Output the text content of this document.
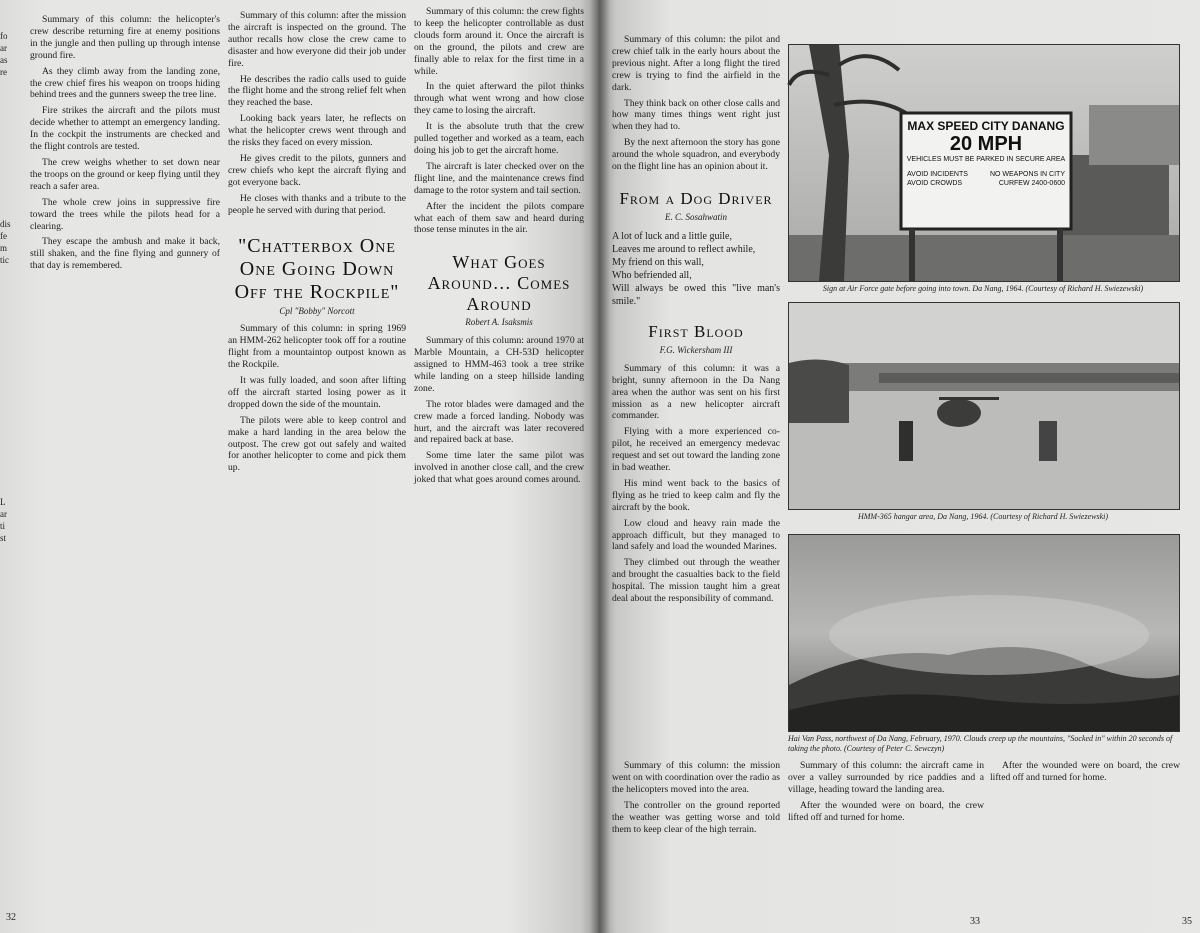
fo
ar
as
re
dis
fe
m
tic
L
ar
ti
st

Summary of this column: the helicopter's crew describe returning fire at enemy positions in the jungle and then pulling up through intense ground fire.

As they climb away from the landing zone, the crew chief fires his weapon on troops hiding behind trees and the gunners sweep the tree line.

Fire strikes the aircraft and the pilots must decide whether to attempt an emergency landing. In the cockpit the instruments are checked and the flight controls are tested.

The crew weighs whether to set down near the troops on the ground or keep flying until they reach a safer area.

The whole crew joins in suppressive fire toward the trees while the pilots head for a clearing.

They escape the ambush and make it back, still shaken, and the fine flying and gunnery of that day is remembered.

Summary of this column: after the mission the aircraft is inspected on the ground. The author recalls how close the crew came to disaster and how everyone did their job under fire.

He describes the radio calls used to guide the flight home and the strong relief felt when they reached the base.

Looking back years later, he reflects on what the helicopter crews went through and the risks they faced on every mission.

He gives credit to the pilots, gunners and crew chiefs who kept the aircraft flying and got everyone back.

He closes with thanks and a tribute to the people he served with during that period.

"Chatterbox One One Going Down Off the Rockpile"
Cpl "Bobby" Norcott

Summary of this column: in spring 1969 an HMM-262 helicopter took off for a routine flight from a mountaintop outpost known as the Rockpile.

It was fully loaded, and soon after lifting off the aircraft started losing power as it dropped down the side of the mountain.

The pilots were able to keep control and make a hard landing in the area below the outpost. The crew got out safely and waited for another helicopter to come and pick them up.

Summary of this column: the crew fights to keep the helicopter controllable as dust clouds form around it. Once the aircraft is on the ground, the pilots and crew are finally able to relax for the first time in a while.

In the quiet afterward the pilot thinks through what went wrong and how close they came to losing the aircraft.

It is the absolute truth that the crew pulled together and worked as a team, each doing his job to get the aircraft home.

The aircraft is later checked over on the flight line, and the maintenance crews find damage to the rotor system and tail section.

After the incident the pilots compare what each of them saw and heard during those tense minutes in the air.

What Goes Around… Comes Around
Robert A. Isaksmis

Summary of this column: around 1970 at Marble Mountain, a CH-53D helicopter assigned to HMM-463 took a tree strike while landing on a steep hillside landing zone.

The rotor blades were damaged and the crew made a forced landing. Nobody was hurt, and the aircraft was later recovered and repaired back at base.

Some time later the same pilot was involved in another close call, and the crew joked that what goes around comes around.

32

Summary of this column: the pilot and crew chief talk in the early hours about the previous night. After a long flight the tired crew is trying to find the airfield in the dark.

They think back on other close calls and how many times things went right just when they had to.

By the next afternoon the story has gone around the whole squadron, and everybody on the flight line has an opinion about it.

From a Dog Driver
E. C. Sosahwatin
A lot of luck and a little guile,
Leaves me around to reflect awhile,
My friend on this wall,
Who befriended all,
Will always be owed this "live man's smile."
First Blood
F.G. Wickersham III

Summary of this column: it was a bright, sunny afternoon in the Da Nang area when the author was sent on his first mission as a new helicopter aircraft commander.

Flying with a more experienced co-pilot, he received an emergency medevac request and set out toward the landing zone in bad weather.

His mind went back to the basics of flying as he tried to keep calm and fly the aircraft by the book.

Low cloud and heavy rain made the approach difficult, but they managed to land safely and load the wounded Marines.

They climbed out through the weather and brought the casualties back to the field hospital. The mission taught him a great deal about the responsibility of command.

Summary of this column: the mission went on with coordination over the radio as the helicopters moved into the area.

The controller on the ground reported the weather was getting worse and told them to keep clear of the high terrain.

Summary of this column: the aircraft came in over a valley surrounded by rice paddies and a village, heading toward the landing area.

After the wounded were on board, the crew lifted off and turned for home.

MAX SPEED CITY DANANG
20 MPH
VEHICLES MUST BE PARKED IN SECURE AREA
AVOID INCIDENTS
AVOID CROWDS
NO WEAPONS IN CITY
CURFEW 2400-0600
Sign at Air Force gate before going into town. Da Nang, 1964. (Courtesy of Richard H. Swiezewski)
HMM-365 hangar area, Da Nang, 1964. (Courtesy of Richard H. Swiezewski)
Hai Van Pass, northwest of Da Nang, February, 1970. Clouds creep up the mountains, "Socked in" within 20 seconds of taking the photo. (Courtesy of Peter C. Sewczyn)

After the wounded were on board, the crew lifted off and turned for home.

33	35
